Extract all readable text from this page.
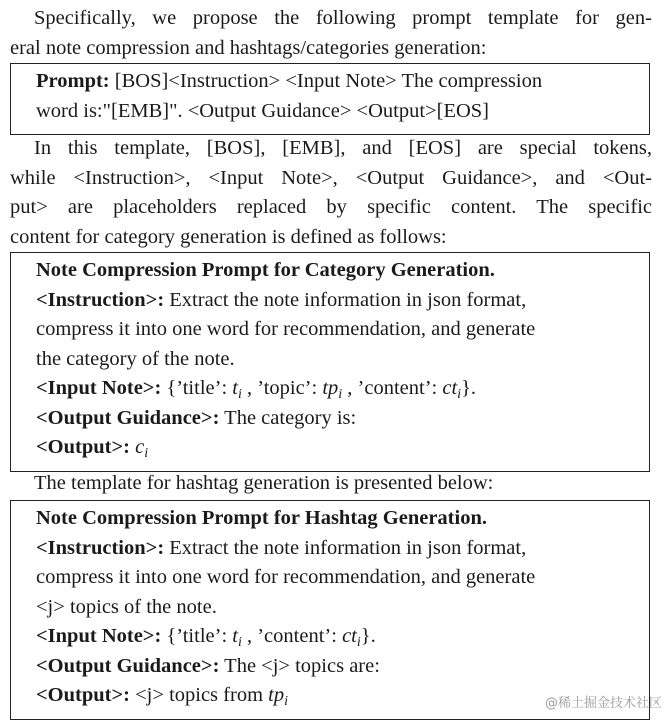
Specifically, we propose the following prompt template for gen-
eral note compression and hashtags/categories generation:

Prompt: [BOS]<Instruction> <Input Note> The compression
word is:"[EMB]". <Output Guidance> <Output>[EOS]

In this template, [BOS], [EMB], and [EOS] are special tokens,
while <Instruction>, <Input Note>, <Output Guidance>, and <Out-
put> are placeholders replaced by specific content. The specific
content for category generation is defined as follows:

Note Compression Prompt for Category Generation.
<Instruction>: Extract the note information in json format,
compress it into one word for recommendation, and generate
the category of the note.
<Input Note>: {’title’: $t_i$ , ’topic’: $tp_i$ , ’content’: $ct_i$}.
<Output Guidance>: The category is:
<Output>: $c_i$

The template for hashtag generation is presented below:

Note Compression Prompt for Hashtag Generation.
<Instruction>: Extract the note information in json format,
compress it into one word for recommendation, and generate
<j> topics of the note.
<Input Note>: {’title’: $t_i$ , ’content’: $ct_i$}.
<Output Guidance>: The <j> topics are:
<Output>: <j> topics from $tp_i$	@稀土掘金技术社区
